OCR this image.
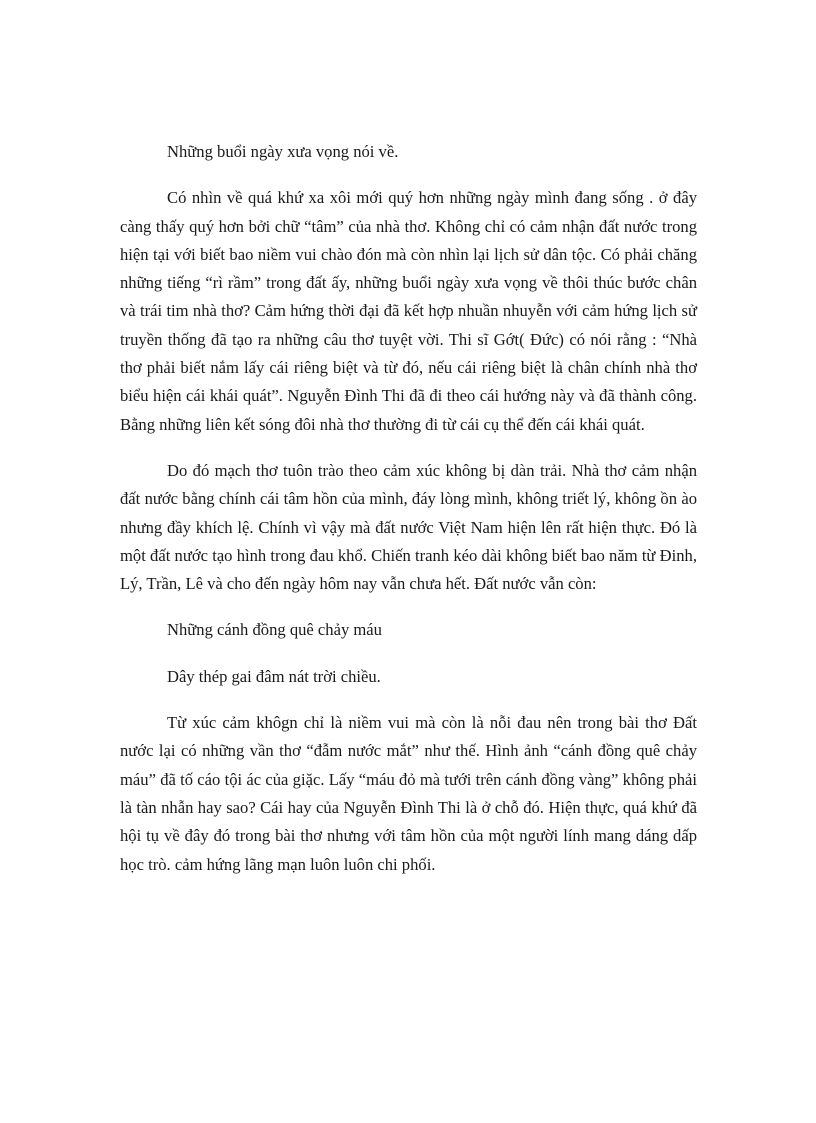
Những buổi ngày xưa vọng nói về.

Có nhìn về quá khứ xa xôi mới quý hơn những ngày mình đang sống . ở đây càng thấy quý hơn bởi chữ “tâm” của nhà thơ. Không chỉ có cảm nhận đất nước trong hiện tại với biết bao niềm vui chào đón mà còn nhìn lại lịch sử dân tộc. Có phải chăng những tiếng “rì rầm” trong đất ấy, những buổi ngày xưa vọng về thôi thúc bước chân và trái tim nhà thơ? Cảm hứng thời đại đã kết hợp nhuần nhuyễn với cảm hứng lịch sử truyền thống đã tạo ra những câu thơ tuyệt vời. Thi sĩ Gớt( Đức) có nói rằng : “Nhà thơ phải biết nắm lấy cái riêng biệt và từ đó, nếu cái riêng biệt là chân chính nhà thơ biểu hiện cái khái quát”. Nguyễn Đình Thi đã đi theo cái hướng này và đã thành công. Bằng những liên kết sóng đôi nhà thơ thường đi từ cái cụ thể đến cái khái quát.

Do đó mạch thơ tuôn trào theo cảm xúc không bị dàn trải. Nhà thơ cảm nhận đất nước bằng chính cái tâm hồn của mình, đáy lòng mình, không triết lý, không ồn ào nhưng đầy khích lệ. Chính vì vậy mà đất nước Việt Nam hiện lên rất hiện thực. Đó là một đất nước tạo hình trong đau khổ. Chiến tranh kéo dài không biết bao năm từ Đinh, Lý, Trần, Lê và cho đến ngày hôm nay vẫn chưa hết. Đất nước vẫn còn:

Những cánh đồng quê chảy máu

Dây thép gai đâm nát trời chiều.

Từ xúc cảm khôgn chỉ là niềm vui mà còn là nỗi đau nên trong bài thơ Đất nước lại có những vần thơ “đẫm nước mắt” như thế. Hình ảnh “cánh đồng quê chảy máu” đã tố cáo tội ác của giặc. Lấy “máu đỏ mà tưới trên cánh đồng vàng” không phải là tàn nhẫn hay sao? Cái hay của Nguyễn Đình Thi là ở chỗ đó. Hiện thực, quá khứ đã hội tụ về đây đó trong bài thơ nhưng với tâm hồn của một người lính mang dáng dấp học trò. cảm hứng lãng mạn luôn luôn chi phối.
